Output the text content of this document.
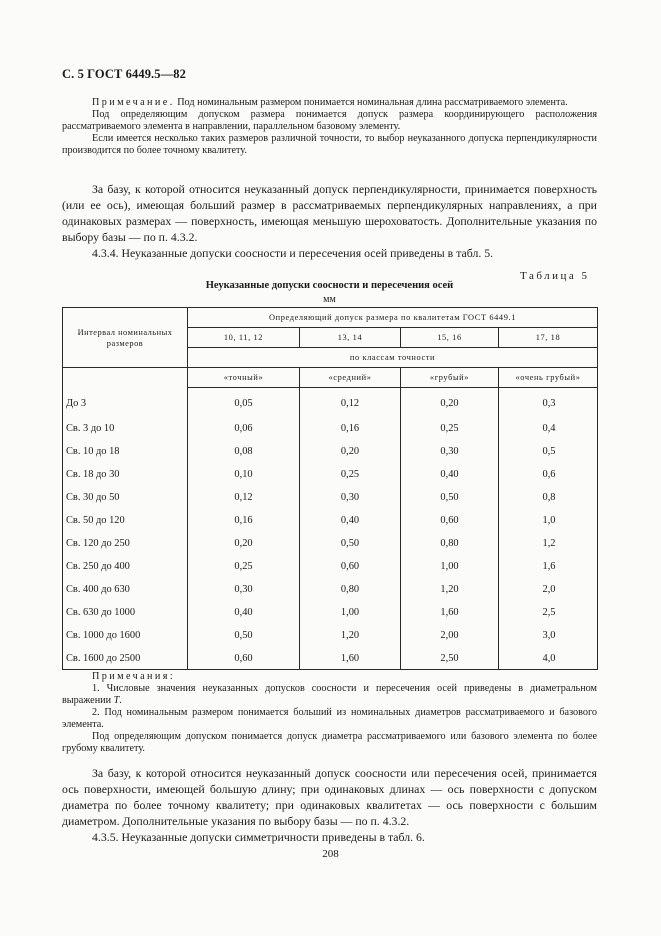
С. 5 ГОСТ 6449.5—82
Примечание. Под номинальным размером понимается номинальная длина рассматриваемого элемента.
Под определяющим допуском размера понимается допуск размера координирующего расположения рассматриваемого элемента в направлении, параллельном базовому элементу.
Если имеется несколько таких размеров различной точности, то выбор неуказанного допуска перпендикулярности производится по более точному квалитету.
За базу, к которой относится неуказанный допуск перпендикулярности, принимается поверхность (или ее ось), имеющая больший размер в рассматриваемых перпендикулярных направлениях, а при одинаковых размерах — поверхность, имеющая меньшую шероховатость. Дополнительные указания по выбору базы — по п. 4.3.2.
4.3.4. Неуказанные допуски соосности и пересечения осей приведены в табл. 5.
Таблица 5
Неуказанные допуски соосности и пересечения осей
мм
Интервал номинальных размеров	Определяющий допуск размера по квалитетам ГОСТ 6449.1			
	10, 11, 12	13, 14	15, 16	17, 18
	по классам точности			
	«точный»	«средний»	«грубый»	«очень грубый»
До 3	0,05	0,12	0,20	0,3
Св. 3 до 10	0,06	0,16	0,25	0,4
Св. 10 до 18	0,08	0,20	0,30	0,5
Св. 18 до 30	0,10	0,25	0,40	0,6
Св. 30 до 50	0,12	0,30	0,50	0,8
Св. 50 до 120	0,16	0,40	0,60	1,0
Св. 120 до 250	0,20	0,50	0,80	1,2
Св. 250 до 400	0,25	0,60	1,00	1,6
Св. 400 до 630	0,30	0,80	1,20	2,0
Св. 630 до 1000	0,40	1,00	1,60	2,5
Св. 1000 до 1600	0,50	1,20	2,00	3,0
Св. 1600 до 2500	0,60	1,60	2,50	4,0
Примечания:
1. Числовые значения неуказанных допусков соосности и пересечения осей приведены в диаметральном выражении T.
2. Под номинальным размером понимается больший из номинальных диаметров рассматриваемого и базового элемента.
Под определяющим допуском понимается допуск диаметра рассматриваемого или базового элемента по более грубому квалитету.
За базу, к которой относится неуказанный допуск соосности или пересечения осей, принимается ось поверхности, имеющей большую длину; при одинаковых длинах — ось поверхности с допуском диаметра по более точному квалитету; при одинаковых квалитетах — ось поверхности с большим диаметром. Дополнительные указания по выбору базы — по п. 4.3.2.
4.3.5. Неуказанные допуски симметричности приведены в табл. 6.
208
